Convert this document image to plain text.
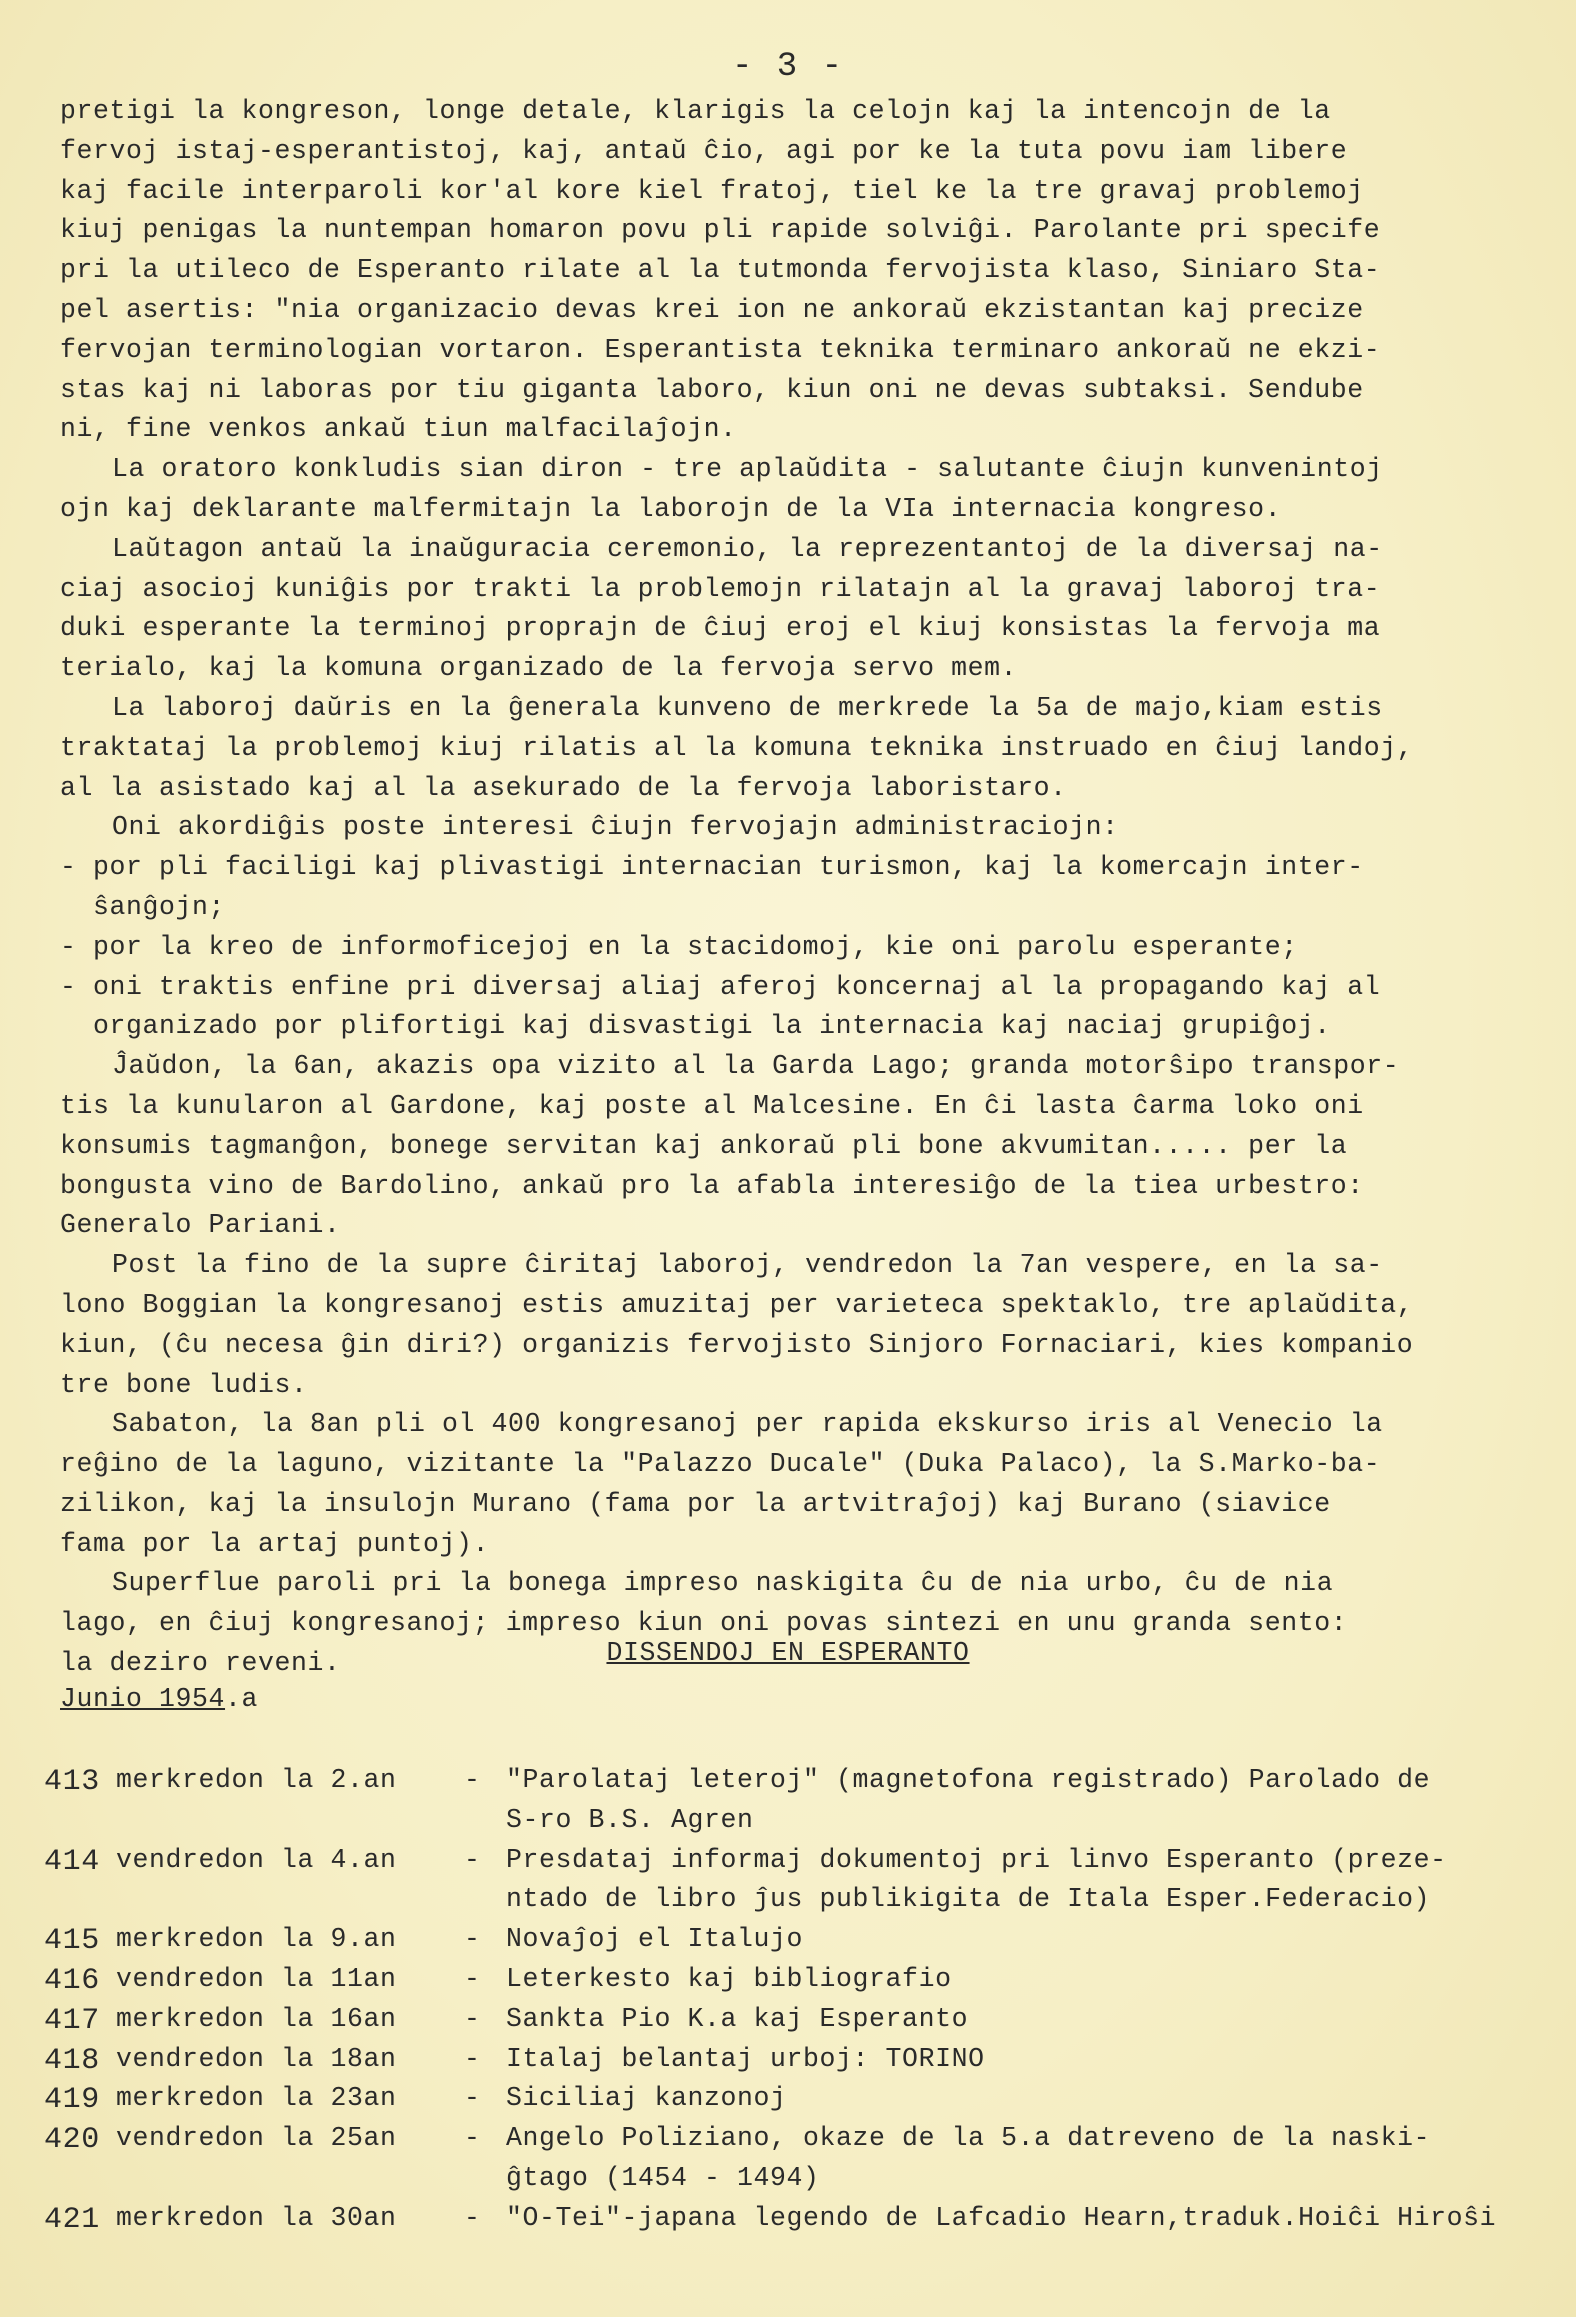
- 3 -
pretigi la kongreson, longe detale, klarigis la celojn kaj la intencojn de la
fervoj istaj-esperantistoj, kaj, antaŭ ĉio, agi por ke la tuta povu iam libere
kaj facile interparoli kor'al kore kiel fratoj, tiel ke la tre gravaj problemoj
kiuj penigas la nuntempan homaron povu pli rapide solviĝi. Parolante pri specife
pri la utileco de Esperanto rilate al la tutmonda fervojista klaso, Siniaro Sta-
pel asertis: "nia organizacio devas krei ion ne ankoraŭ ekzistantan kaj precize
fervojan terminologian vortaron. Esperantista teknika terminaro ankoraŭ ne ekzi-
stas kaj ni laboras por tiu giganta laboro, kiun oni ne devas subtaksi. Sendube
ni, fine venkos ankaŭ tiun malfacilaĵojn.
La oratoro konkludis sian diron - tre aplaŭdita - salutante ĉiujn kunvenintoj
ojn kaj deklarante malfermitajn la laborojn de la VIa internacia kongreso.
Laŭtagon antaŭ la inaŭguracia ceremonio, la reprezentantoj de la diversaj na-
ciaj asocioj kuniĝis por trakti la problemojn rilatajn al la gravaj laboroj tra-
duki esperante la terminoj proprajn de ĉiuj eroj el kiuj konsistas la fervoja ma
terialo, kaj la komuna organizado de la fervoja servo mem.
La laboroj daŭris en la ĝenerala kunveno de merkrede la 5a de majo,kiam estis
traktataj la problemoj kiuj rilatis al la komuna teknika instruado en ĉiuj landoj,
al la asistado kaj al la asekurado de la fervoja laboristaro.
Oni akordiĝis poste interesi ĉiujn fervojajn administraciojn:
- por pli faciligi kaj plivastigi internacian turismon, kaj la komercajn inter-
ŝanĝojn;
- por la kreo de informoficejoj en la stacidomoj, kie oni parolu esperante;
- oni traktis enfine pri diversaj aliaj aferoj koncernaj al la propagando kaj al
organizado por plifortigi kaj disvastigi la internacia kaj naciaj grupiĝoj.
Ĵaŭdon, la 6an, akazis opa vizito al la Garda Lago; granda motorŝipo transpor-
tis la kunularon al Gardone, kaj poste al Malcesine. En ĉi lasta ĉarma loko oni
konsumis tagmanĝon, bonege servitan kaj ankoraŭ pli bone akvumitan..... per la
bongusta vino de Bardolino, ankaŭ pro la afabla interesiĝo de la tiea urbestro:
Generalo Pariani.
Post la fino de la supre ĉiritaj laboroj, vendredon la 7an vespere, en la sa-
lono Boggian la kongresanoj estis amuzitaj per varieteca spektaklo, tre aplaŭdita,
kiun, (ĉu necesa ĝin diri?) organizis fervojisto Sinjoro Fornaciari, kies kompanio
tre bone ludis.
Sabaton, la 8an pli ol 400 kongresanoj per rapida ekskurso iris al Venecio la
reĝino de la laguno, vizitante la "Palazzo Ducale" (Duka Palaco), la S.Marko-ba-
zilikon, kaj la insulojn Murano (fama por la artvitraĵoj) kaj Burano (siavice
fama por la artaj puntoj).
Superflue paroli pri la bonega impreso naskigita ĉu de nia urbo, ĉu de nia
lago, en ĉiuj kongresanoj; impreso kiun oni povas sintezi en unu granda sento:
la deziro reveni.	DISSENDOJ EN ESPERANTO
Junio 1954.a
413 merkredon la 2.an	- "Parolataj leteroj" (magnetofona registrado) Parolado de
S-ro B.S. Agren
414 vendredon la 4.an	- Presdataj informaj dokumentoj pri linvo Esperanto (preze-
ntado de libro ĵus publikigita de Itala Esper.Federacio)
415 merkredon la 9.an	- Novaĵoj el Italujo
416 vendredon la 11an	- Leterkesto kaj bibliografio
417 merkredon la 16an	- Sankta Pio K.a kaj Esperanto
418 vendredon la 18an	- Italaj belantaj urboj: TORINO
419 merkredon la 23an	- Siciliaj kanzonoj
420 vendredon la 25an	- Angelo Poliziano, okaze de la 5.a datreveno de la naski-
ĝtago (1454 - 1494)
421 merkredon la 30an	- "O-Tei"-japana legendo de Lafcadio Hearn,traduk.Hoiĉi Hiroŝi
